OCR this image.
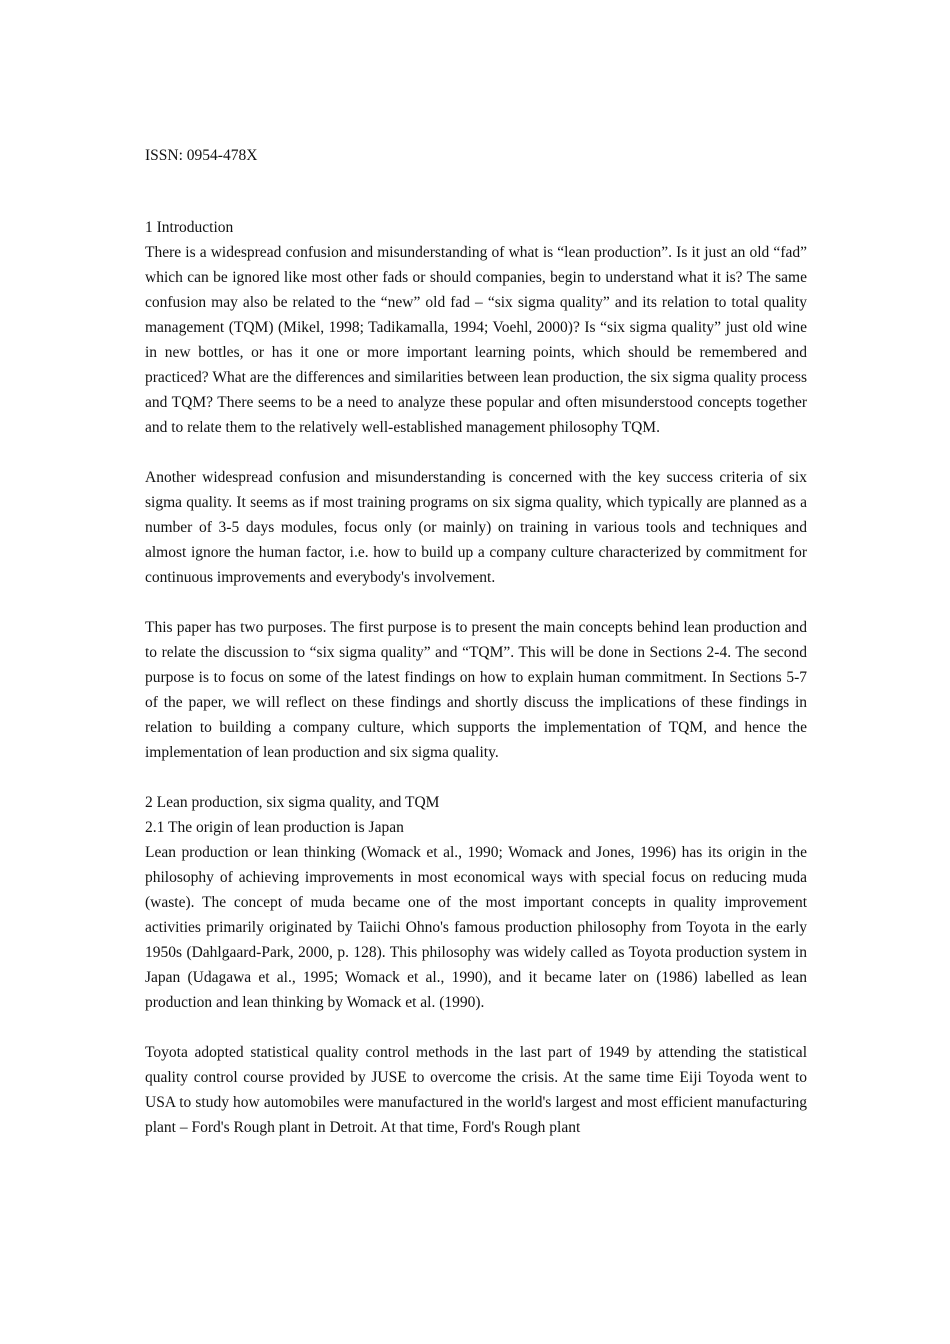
ISSN: 0954-478X
1 Introduction

There is a widespread confusion and misunderstanding of what is “lean production”. Is it just an old “fad” which can be ignored like most other fads or should companies, begin to understand what it is? The same confusion may also be related to the “new” old fad – “six sigma quality” and its relation to total quality management (TQM) (Mikel, 1998; Tadikamalla, 1994; Voehl, 2000)? Is “six sigma quality” just old wine in new bottles, or has it one or more important learning points, which should be remembered and practiced? What are the differences and similarities between lean production, the six sigma quality process and TQM? There seems to be a need to analyze these popular and often misunderstood concepts together and to relate them to the relatively well-established management philosophy TQM.

Another widespread confusion and misunderstanding is concerned with the key success criteria of six sigma quality. It seems as if most training programs on six sigma quality, which typically are planned as a number of 3-5 days modules, focus only (or mainly) on training in various tools and techniques and almost ignore the human factor, i.e. how to build up a company culture characterized by commitment for continuous improvements and everybody's involvement.

This paper has two purposes. The first purpose is to present the main concepts behind lean production and to relate the discussion to “six sigma quality” and “TQM”. This will be done in Sections 2-4. The second purpose is to focus on some of the latest findings on how to explain human commitment. In Sections 5-7 of the paper, we will reflect on these findings and shortly discuss the implications of these findings in relation to building a company culture, which supports the implementation of TQM, and hence the implementation of lean production and six sigma quality.

2 Lean production, six sigma quality, and TQM
2.1 The origin of lean production is Japan

Lean production or lean thinking (Womack et al., 1990; Womack and Jones, 1996) has its origin in the philosophy of achieving improvements in most economical ways with special focus on reducing muda (waste). The concept of muda became one of the most important concepts in quality improvement activities primarily originated by Taiichi Ohno's famous production philosophy from Toyota in the early 1950s (Dahlgaard-Park, 2000, p. 128). This philosophy was widely called as Toyota production system in Japan (Udagawa et al., 1995; Womack et al., 1990), and it became later on (1986) labelled as lean production and lean thinking by Womack et al. (1990).

Toyota adopted statistical quality control methods in the last part of 1949 by attending the statistical quality control course provided by JUSE to overcome the crisis. At the same time Eiji Toyoda went to USA to study how automobiles were manufactured in the world's largest and most efficient manufacturing plant – Ford's Rough plant in Detroit. At that time, Ford's Rough plant
